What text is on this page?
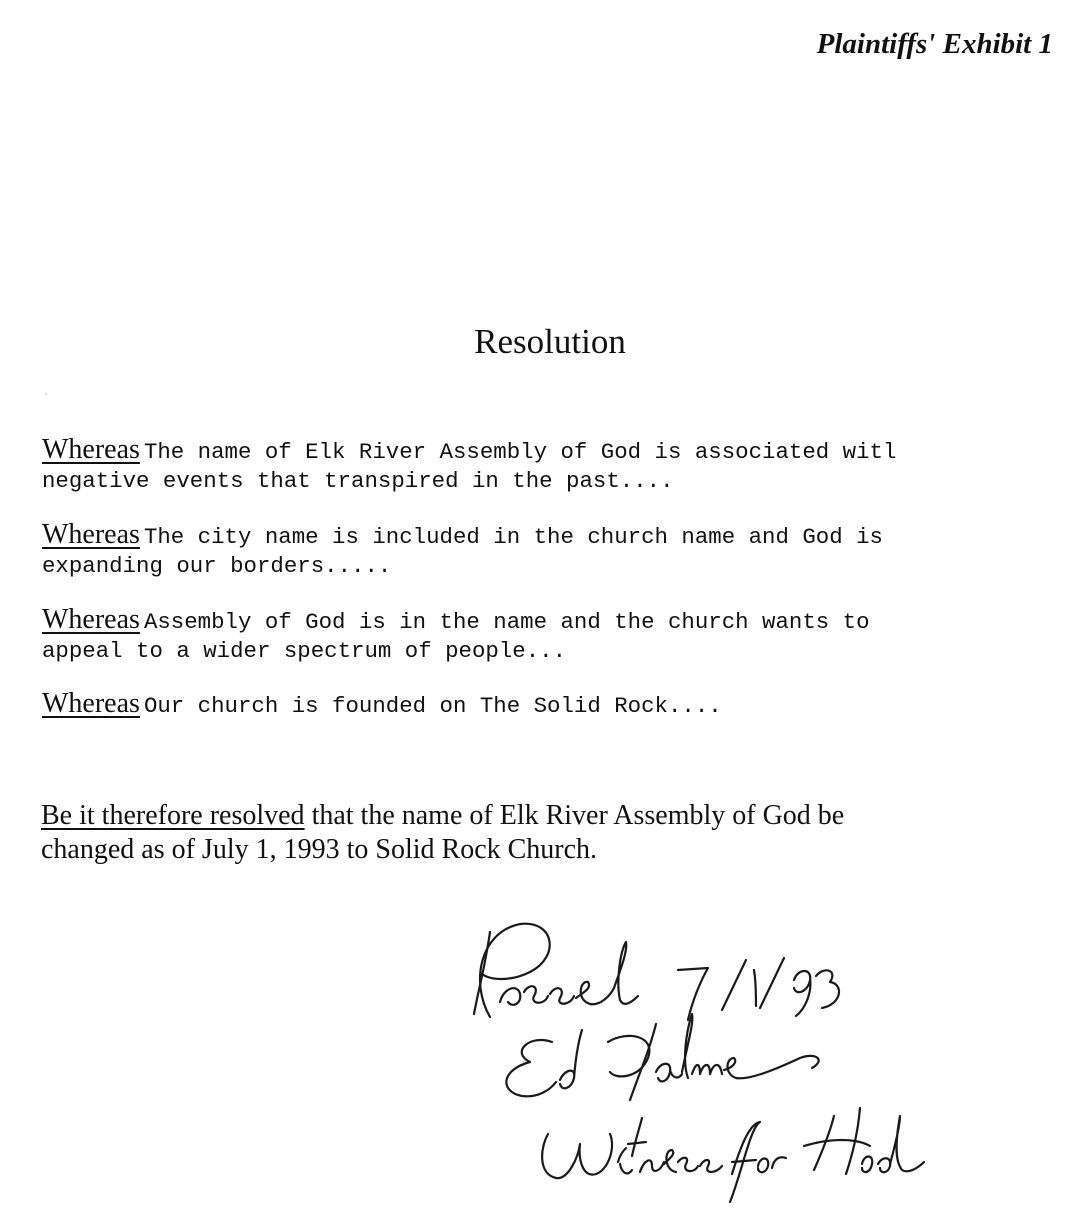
Plaintiffs' Exhibit 1
Resolution
Whereas The name of Elk River Assembly of God is associated witl
negative events that transpired in the past....
Whereas The city name is included in the church name and God is
expanding our borders.....
Whereas Assembly of God is in the name and the church wants to
appeal to a wider spectrum of people...
Whereas Our church is founded on The Solid Rock....
Be it therefore resolved that the name of Elk River Assembly of God be
changed as of July 1, 1993 to Solid Rock Church.
